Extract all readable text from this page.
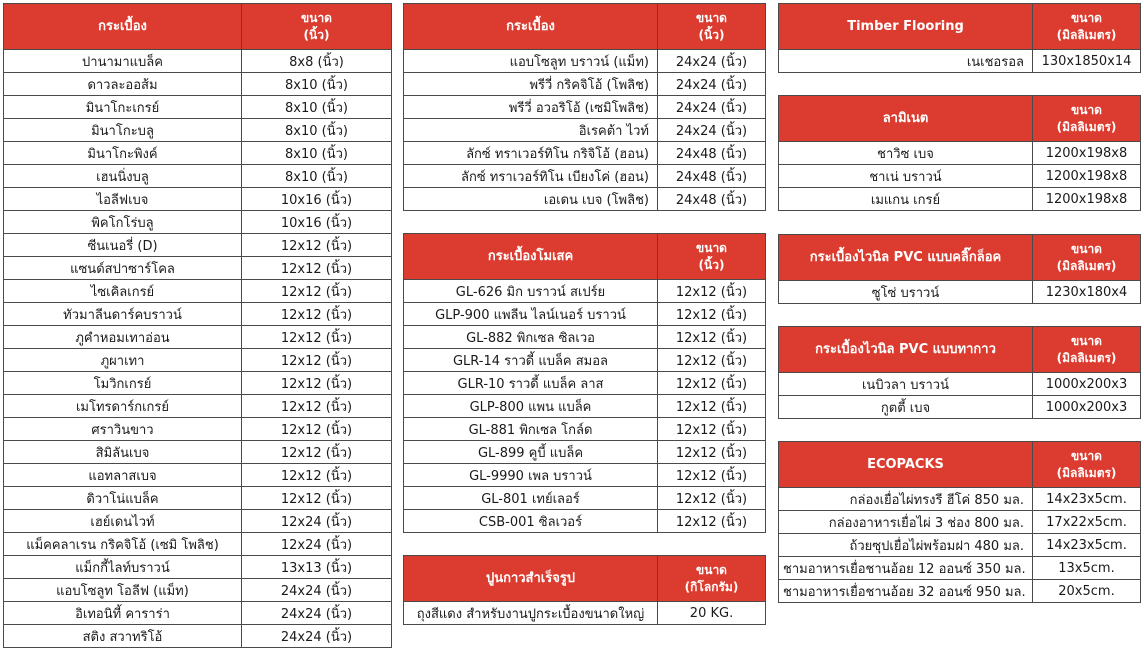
กระเบื้อง	ขนาด
(นิ้ว)
ปานามาแบล็ค	8x8 (นิ้ว)
ดาวละออส้ม	8x10 (นิ้ว)
มินาโกะเกรย์	8x10 (นิ้ว)
มินาโกะบลู	8x10 (นิ้ว)
มินาโกะพิงค์	8x10 (นิ้ว)
เฮนนิ่งบลู	8x10 (นิ้ว)
ไอลีฟเบจ	10x16 (นิ้ว)
พิคโกโร่บลู	10x16 (นิ้ว)
ซีนเนอรี่ (D)	12x12 (นิ้ว)
แซนด์สปาซาร์โคล	12x12 (นิ้ว)
ไซเคิลเกรย์	12x12 (นิ้ว)
ทัวมาลีนดาร์คบราวน์	12x12 (นิ้ว)
ภูคำหอมเทาอ่อน	12x12 (นิ้ว)
ภูผาเทา	12x12 (นิ้ว)
โมวิกเกรย์	12x12 (นิ้ว)
เมโทรดาร์กเกรย์	12x12 (นิ้ว)
ศราวินขาว	12x12 (นิ้ว)
สิมิลันเบจ	12x12 (นิ้ว)
แอทลาสเบจ	12x12 (นิ้ว)
ดิวาโน่แบล็ค	12x12 (นิ้ว)
เฮย์เดนไวท์	12x24 (นิ้ว)
แม็คคลาเรน กริคจิโอ้ (เซมิ โพลิช)	12x24 (นิ้ว)
แม็กกี้ไลท์บราวน์	13x13 (นิ้ว)
แอบโซลูท โอลีฟ (แม็ท)	24x24 (นิ้ว)
อิเทอนิที้ คาราร่า	24x24 (นิ้ว)
สติง สวาทริโอ้	24x24 (นิ้ว)
กระเบื้อง	ขนาด
(นิ้ว)
แอบโซลูท บราวน์ (แม็ท)	24x24 (นิ้ว)
พรีวี่ กริคจิโอ้ (โพลิช)	24x24 (นิ้ว)
พรีวี่ อวอริโอ้ (เซมิโพลิช)	24x24 (นิ้ว)
อิเรคต้า ไวท์	24x24 (นิ้ว)
ลักซ์ ทราเวอร์ทิโน กริจิโอ้ (ฮอน)	24x48 (นิ้ว)
ลักซ์ ทราเวอร์ทิโน เบียงโค่ (ฮอน)	24x48 (นิ้ว)
เอเดน เบจ (โพลิช)	24x48 (นิ้ว)
กระเบื้องโมเสค	ขนาด
(นิ้ว)
GL-626 มิก บราวน์ สเปร์ย	12x12 (นิ้ว)
GLP-900 แพลีน ไลน์เนอร์ บราวน์	12x12 (นิ้ว)
GL-882 พิกเซล ซิลเวอ	12x12 (นิ้ว)
GLR-14 ราวดี้ แบล็ค สมอล	12x12 (นิ้ว)
GLR-10 ราวดี้ แบล็ค ลาส	12x12 (นิ้ว)
GLP-800 แพน แบล็ค	12x12 (นิ้ว)
GL-881 พิกเซล โกล์ด	12x12 (นิ้ว)
GL-899 คูบี้ แบล็ค	12x12 (นิ้ว)
GL-9990 เพล บราวน์	12x12 (นิ้ว)
GL-801 เทย์เลอร์	12x12 (นิ้ว)
CSB-001 ซิลเวอร์	12x12 (นิ้ว)
ปูนกาวสำเร็จรูป	ขนาด
(กิโลกรัม)
ถุงสีแดง สำหรับงานปูกระเบื้องขนาดใหญ่	20 KG.
Timber Flooring	ขนาด
(มิลลิเมตร)
เนเชอรอล	130x1850x14
ลามิเนต	ขนาด
(มิลลิเมตร)
ชาวิซ เบจ	1200x198x8
ชาเน่ บราวน์	1200x198x8
เมแกน เกรย์	1200x198x8
กระเบื้องไวนิล PVC แบบคลิ๊กล็อค	ขนาด
(มิลลิเมตร)
ซูโซ่ บราวน์	1230x180x4
กระเบื้องไวนิล PVC แบบทากาว	ขนาด
(มิลลิเมตร)
เนบิวลา บราวน์	1000x200x3
กูตตี้ เบจ	1000x200x3
ECOPACKS	ขนาด
(มิลลิเมตร)
กล่องเยื่อไผ่ทรงรี ฮีโค่ 850 มล.	14x23x5cm.
กล่องอาหารเยื่อไผ่ 3 ช่อง 800 มล.	17x22x5cm.
ถ้วยซุปเยื่อไผ่พร้อมฝา 480 มล.	14x23x5cm.
ชามอาหารเยื่อชานอ้อย 12 ออนซ์ 350 มล.	13x5cm.
ชามอาหารเยื่อชานอ้อย 32 ออนซ์ 950 มล.	20x5cm.
